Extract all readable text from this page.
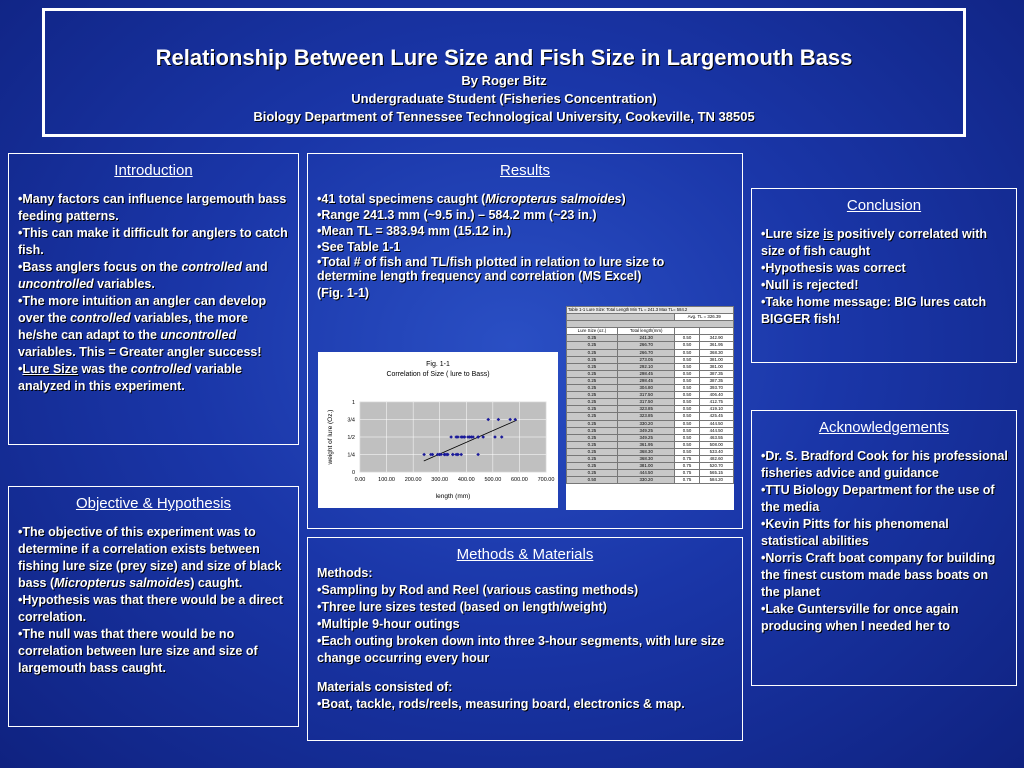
Relationship Between Lure Size and Fish Size in Largemouth Bass
By Roger Bitz
Undergraduate Student (Fisheries Concentration)
Biology Department of Tennessee Technological University, Cookeville, TN 38505
Introduction
• Many factors can influence largemouth bass feeding patterns.
• This can make it difficult for anglers to catch fish.
• Bass anglers focus on the controlled and uncontrolled variables.
• The more intuition an angler can develop over the controlled variables, the more he/she can adapt to the uncontrolled variables. This = Greater angler success!
• Lure Size was the controlled variable analyzed in this experiment.
Objective & Hypothesis
• The objective of this experiment was to determine if a correlation exists between fishing lure size (prey size) and size of black bass (Micropterus salmoides) caught.
• Hypothesis was that there would be a direct correlation.
• The null was that there would be no correlation between lure size and size of largemouth bass caught.
Results
• 41 total specimens caught (Micropterus salmoides)
• Range 241.3 mm (~9.5 in.) – 584.2 mm (~23 in.)
• Mean TL = 383.94 mm (15.12 in.)
• See Table 1-1
• Total # of fish and TL/fish plotted in relation to lure size to determine length frequency and correlation (MS Excel)
(Fig. 1-1)
Fig. 1-1
Correlation of Size ( lure to Bass)
0.00 100.00 200.00 300.00 400.00 500.00 600.00 700.00
0
1/4
1/2
3/4
1
length (mm)
weight of lure (Oz.)
Table 1-1 Lure Size: Total Length Min TL = 241.3 Max TL= 584.2			
		Avg. TL = 326.39	

Lure Size (oz.)	Total length(mm)		
0.25	241.30	0.50	342.90
0.25	266.70	0.50	361.95
0.25	266.70	0.50	368.30
0.25	273.05	0.50	381.00
0.25	292.10	0.50	381.00
0.25	298.45	0.50	387.35
0.25	298.45	0.50	387.35
0.25	304.80	0.50	393.70
0.25	317.50	0.50	406.40
0.25	317.50	0.50	412.75
0.25	323.85	0.50	419.10
0.25	323.85	0.50	425.45
0.25	330.20	0.50	444.50
0.25	349.25	0.50	444.50
0.25	349.25	0.50	463.55
0.25	361.95	0.50	508.00
0.25	368.30	0.50	533.40
0.25	368.30	0.75	482.60
0.25	381.00	0.75	520.70
0.25	444.50	0.75	565.15
0.50	330.20	0.75	584.20
Methods & Materials
Methods:
• Sampling by Rod and Reel (various casting methods)
• Three lure sizes tested (based on length/weight)
• Multiple 9-hour outings
• Each outing broken down into three 3-hour segments, with lure size change occurring every hour
Materials consisted of:
• Boat, tackle, rods/reels, measuring board, electronics & map.
Conclusion
• Lure size is positively correlated with size of fish caught
• Hypothesis was correct
• Null is rejected!
• Take home message: BIG lures catch BIGGER fish!
Acknowledgements
• Dr. S. Bradford Cook for his professional fisheries advice and guidance
• TTU Biology Department for the use of the media
• Kevin Pitts for his phenomenal statistical abilities
• Norris Craft boat company for building the finest custom made bass boats on the planet
• Lake Guntersville for once again producing when I needed her to
